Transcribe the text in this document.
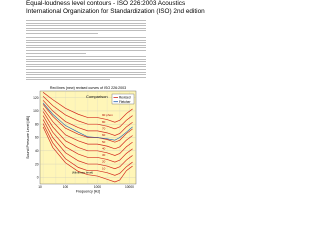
Equal-loudness level contours - ISO 226:2003 Acoustics
International Organization for Standardization (ISO) 2nd edition
Red lines (new) revised curves of ISO 226:2003
0
20
40
60
80
100
120
10	100	1000	10000
Frequency [Hz]
Sound Pressure Level [dB]
Comparison
90 phon
80
70
60
50
40
30
20
10
(Minimum level)
Revised
Fletcher
